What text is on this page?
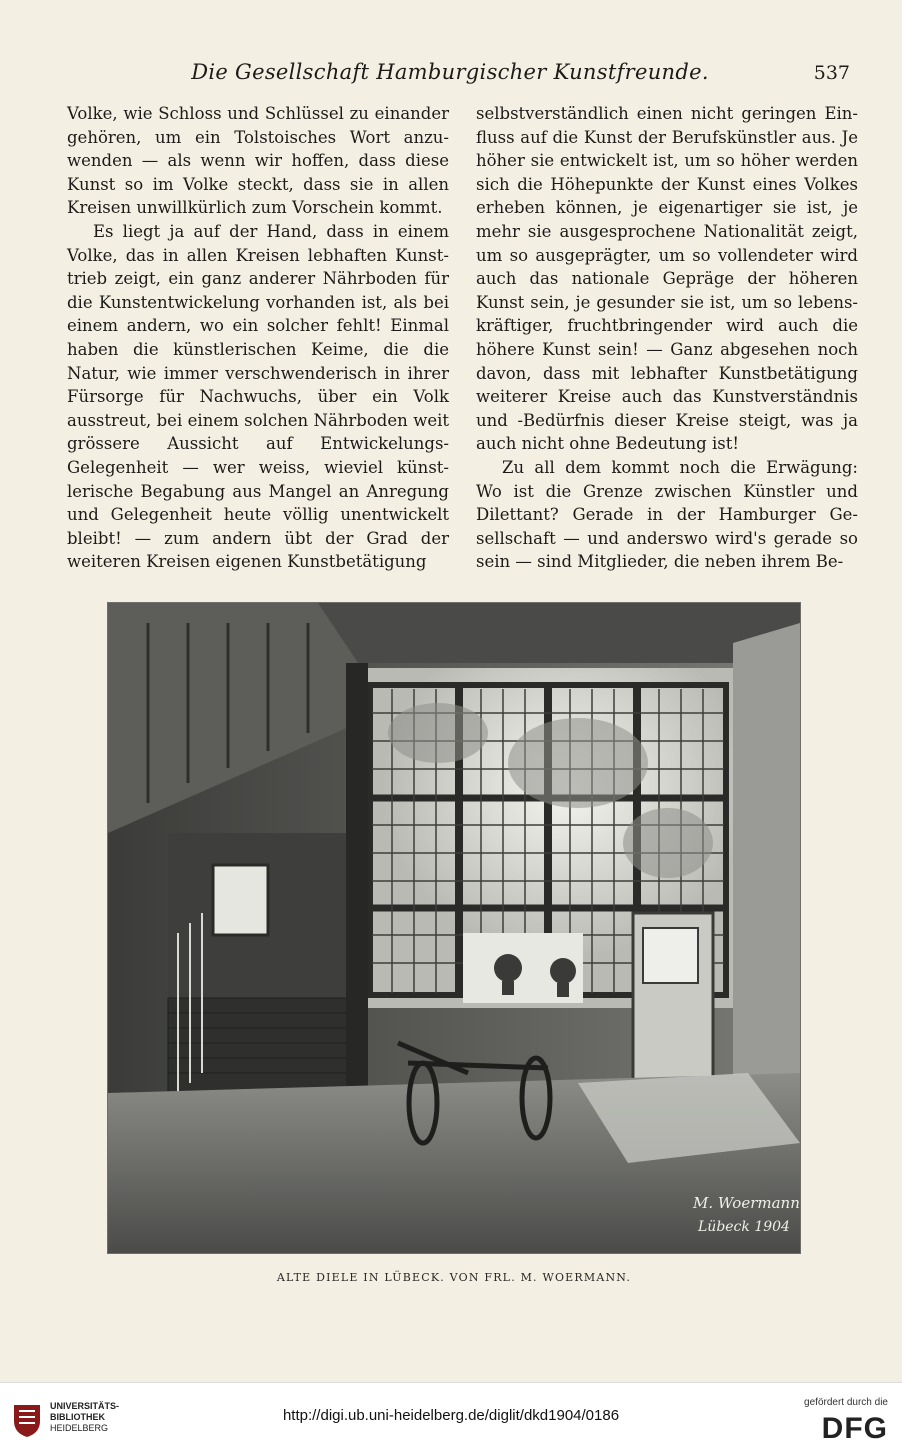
Die Gesellschaft Hamburgischer Kunstfreunde.	537

Volke, wie Schloss und Schlüssel zu einander gehören, um ein Tolstoisches Wort anzuwenden — als wenn wir hoffen, dass diese Kunst so im Volke steckt, dass sie in allen Kreisen unwillkürlich zum Vorschein kommt.

Es liegt ja auf der Hand, dass in einem Volke, das in allen Kreisen lebhaften Kunsttrieb zeigt, ein ganz anderer Nährboden für die Kunstentwickelung vorhanden ist, als bei einem andern, wo ein solcher fehlt! Einmal haben die künstlerischen Keime, die die Natur, wie immer verschwenderisch in ihrer Fürsorge für Nachwuchs, über ein Volk ausstreut, bei einem solchen Nährboden weit grössere Aussicht auf Entwickelungs-Gelegenheit — wer weiss, wieviel künstlerische Begabung aus Mangel an Anregung und Gelegenheit heute völlig unentwickelt bleibt! — zum andern übt der Grad der weiteren Kreisen eigenen Kunstbetätigung

selbstverständlich einen nicht geringen Einfluss auf die Kunst der Berufskünstler aus. Je höher sie entwickelt ist, um so höher werden sich die Höhepunkte der Kunst eines Volkes erheben können, je eigenartiger sie ist, je mehr sie ausgesprochene Nationalität zeigt, um so ausgeprägter, um so vollendeter wird auch das nationale Gepräge der höheren Kunst sein, je gesunder sie ist, um so lebenskräftiger, fruchtbringender wird auch die höhere Kunst sein! — Ganz abgesehen noch davon, dass mit lebhafter Kunstbetätigung weiterer Kreise auch das Kunstverständnis und -Bedürfnis dieser Kreise steigt, was ja auch nicht ohne Bedeutung ist!

Zu all dem kommt noch die Erwägung: Wo ist die Grenze zwischen Künstler und Dilettant? Gerade in der Hamburger Gesellschaft — und anderswo wird's gerade so sein — sind Mitglieder, die neben ihrem Be-

M. Woermann
Lübeck 1904
ALTE DIELE IN LÜBECK. VON FRL. M. WOERMANN.
UNIVERSITÄTS-
BIBLIOTHEK
HEIDELBERG
http://digi.ub.uni-heidelberg.de/diglit/dkd1904/0186
gefördert durch die
DFG
